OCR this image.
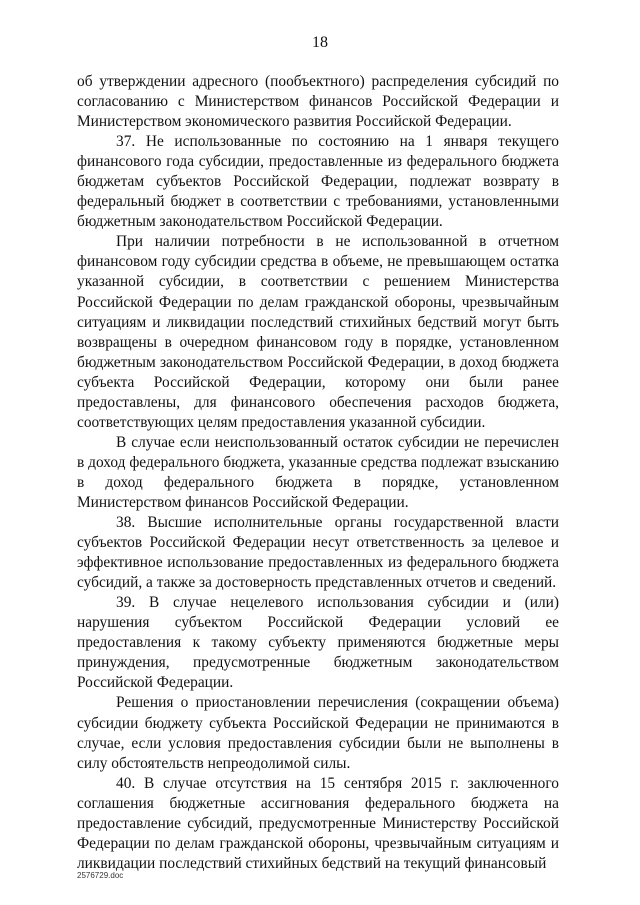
18

об утверждении адресного (пообъектного) распределения субсидий по согласованию с Министерством финансов Российской Федерации и Министерством экономического развития Российской Федерации.

37. Не использованные по состоянию на 1 января текущего финансового года субсидии, предоставленные из федерального бюджета бюджетам субъектов Российской Федерации, подлежат возврату в федеральный бюджет в соответствии с требованиями, установленными бюджетным законодательством Российской Федерации.

При наличии потребности в не использованной в отчетном финансовом году субсидии средства в объеме, не превышающем остатка указанной субсидии, в соответствии с решением Министерства Российской Федерации по делам гражданской обороны, чрезвычайным ситуациям и ликвидации последствий стихийных бедствий могут быть возвращены в очередном финансовом году в порядке, установленном бюджетным законодательством Российской Федерации, в доход бюджета субъекта Российской Федерации, которому они были ранее предоставлены, для финансового обеспечения расходов бюджета, соответствующих целям предоставления указанной субсидии.

В случае если неиспользованный остаток субсидии не перечислен в доход федерального бюджета, указанные средства подлежат взысканию в доход федерального бюджета в порядке, установленном Министерством финансов Российской Федерации.

38. Высшие исполнительные органы государственной власти субъектов Российской Федерации несут ответственность за целевое и эффективное использование предоставленных из федерального бюджета субсидий, а также за достоверность представленных отчетов и сведений.

39. В случае нецелевого использования субсидии и (или) нарушения субъектом Российской Федерации условий ее предоставления к такому субъекту применяются бюджетные меры принуждения, предусмотренные бюджетным законодательством Российской Федерации.

Решения о приостановлении перечисления (сокращении объема) субсидии бюджету субъекта Российской Федерации не принимаются в случае, если условия предоставления субсидии были не выполнены в силу обстоятельств непреодолимой силы.

40. В случае отсутствия на 15 сентября 2015 г. заключенного соглашения бюджетные ассигнования федерального бюджета на предоставление субсидий, предусмотренные Министерству Российской Федерации по делам гражданской обороны, чрезвычайным ситуациям и ликвидации последствий стихийных бедствий на текущий финансовый

2576729.doc
